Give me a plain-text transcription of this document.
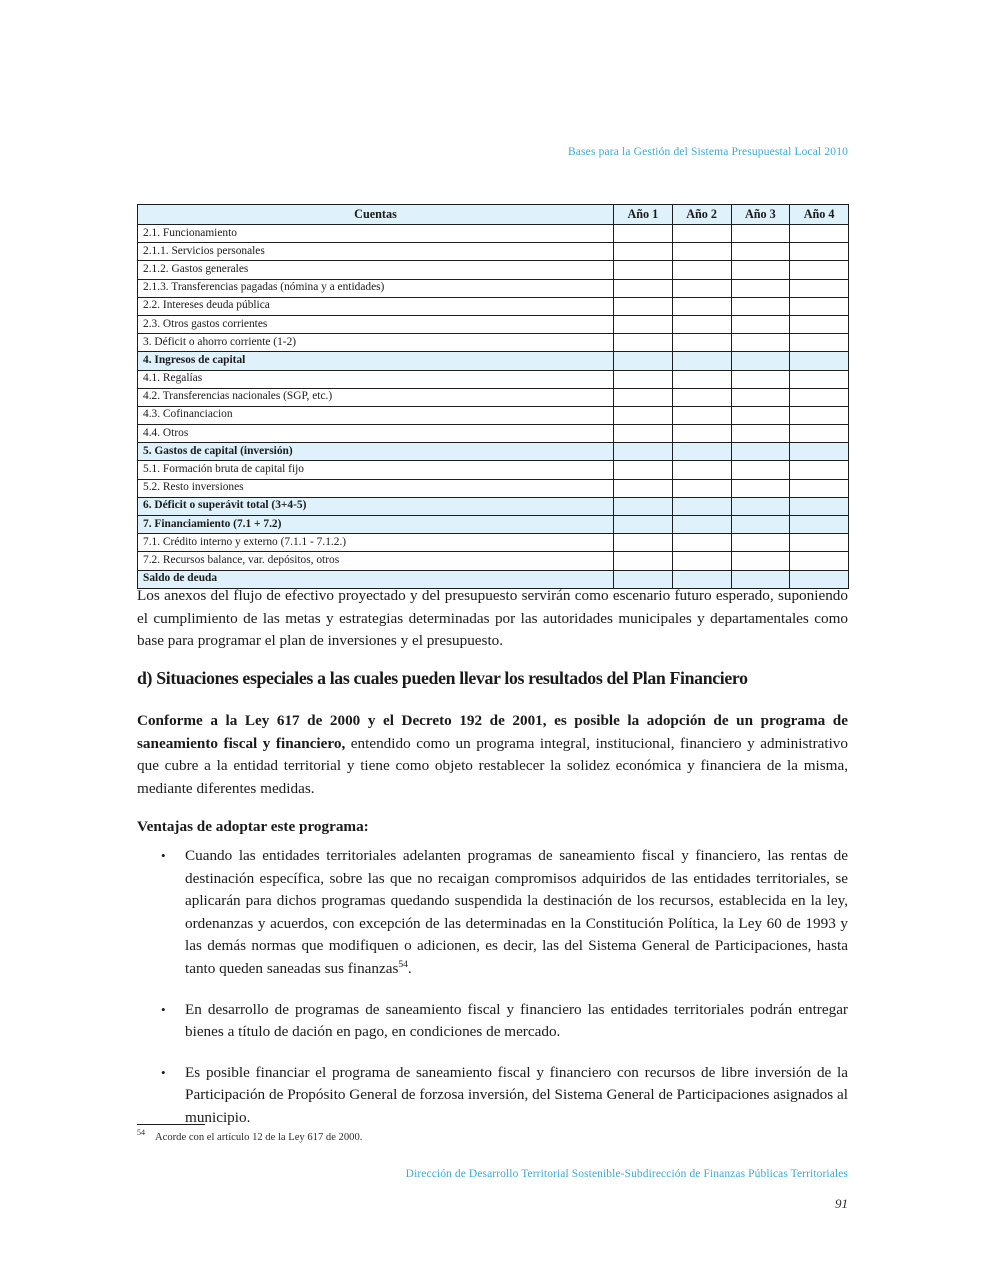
Bases para la Gestión del Sistema Presupuestal Local 2010
Cuentas	Año 1	Año 2	Año 3	Año 4
2.1. Funcionamiento				
2.1.1. Servicios personales				
2.1.2. Gastos generales				
2.1.3. Transferencias pagadas (nómina y a entidades)				
2.2. Intereses deuda pública				
2.3. Otros gastos corrientes				
3. Déficit o ahorro corriente (1-2)				
4. Ingresos de capital				
4.1. Regalías				
4.2. Transferencias nacionales (SGP, etc.)				
4.3. Cofinanciacion				
4.4. Otros				
5. Gastos de capital (inversión)				
5.1. Formación bruta de capital fijo				
5.2. Resto inversiones				
6. Déficit o superávit total (3+4-5)				
7. Financiamiento (7.1 + 7.2)				
7.1. Crédito interno y externo (7.1.1 - 7.1.2.)				
7.2. Recursos balance, var. depósitos, otros				
Saldo de deuda				
Los anexos del flujo de efectivo proyectado y del presupuesto servirán como escenario futuro esperado, suponiendo el cumplimiento de las metas y estrategias determinadas por las autoridades municipales y departamentales como base para programar el plan de inversiones y el presupuesto.
d) Situaciones especiales a las cuales pueden llevar los resultados del Plan Financiero
Conforme a la Ley 617 de 2000 y el Decreto 192 de 2001, es posible la adopción de un programa de saneamiento fiscal y financiero, entendido como un programa integral, institucional, financiero y administrativo que cubre a la entidad territorial y tiene como objeto restablecer la solidez económica y financiera de la misma, mediante diferentes medidas.
Ventajas de adoptar este programa:
• Cuando las entidades territoriales adelanten programas de saneamiento fiscal y financiero, las rentas de destinación específica, sobre las que no recaigan compromisos adquiridos de las entidades territoriales, se aplicarán para dichos programas quedando suspendida la destinación de los recursos, establecida en la ley, ordenanzas y acuerdos, con excepción de las determinadas en la Constitución Política, la Ley 60 de 1993 y las demás normas que modifiquen o adicionen, es decir, las del Sistema General de Participaciones, hasta tanto queden saneadas sus finanzas$^{54}$.
• En desarrollo de programas de saneamiento fiscal y financiero las entidades territoriales podrán entregar bienes a título de dación en pago, en condiciones de mercado.
• Es posible financiar el programa de saneamiento fiscal y financiero con recursos de libre inversión de la Participación de Propósito General de forzosa inversión, del Sistema General de Participaciones asignados al municipio.
54 Acorde con el artículo 12 de la Ley 617 de 2000.
Dirección de Desarrollo Territorial Sostenible-Subdirección de Finanzas Públicas Territoriales
91
